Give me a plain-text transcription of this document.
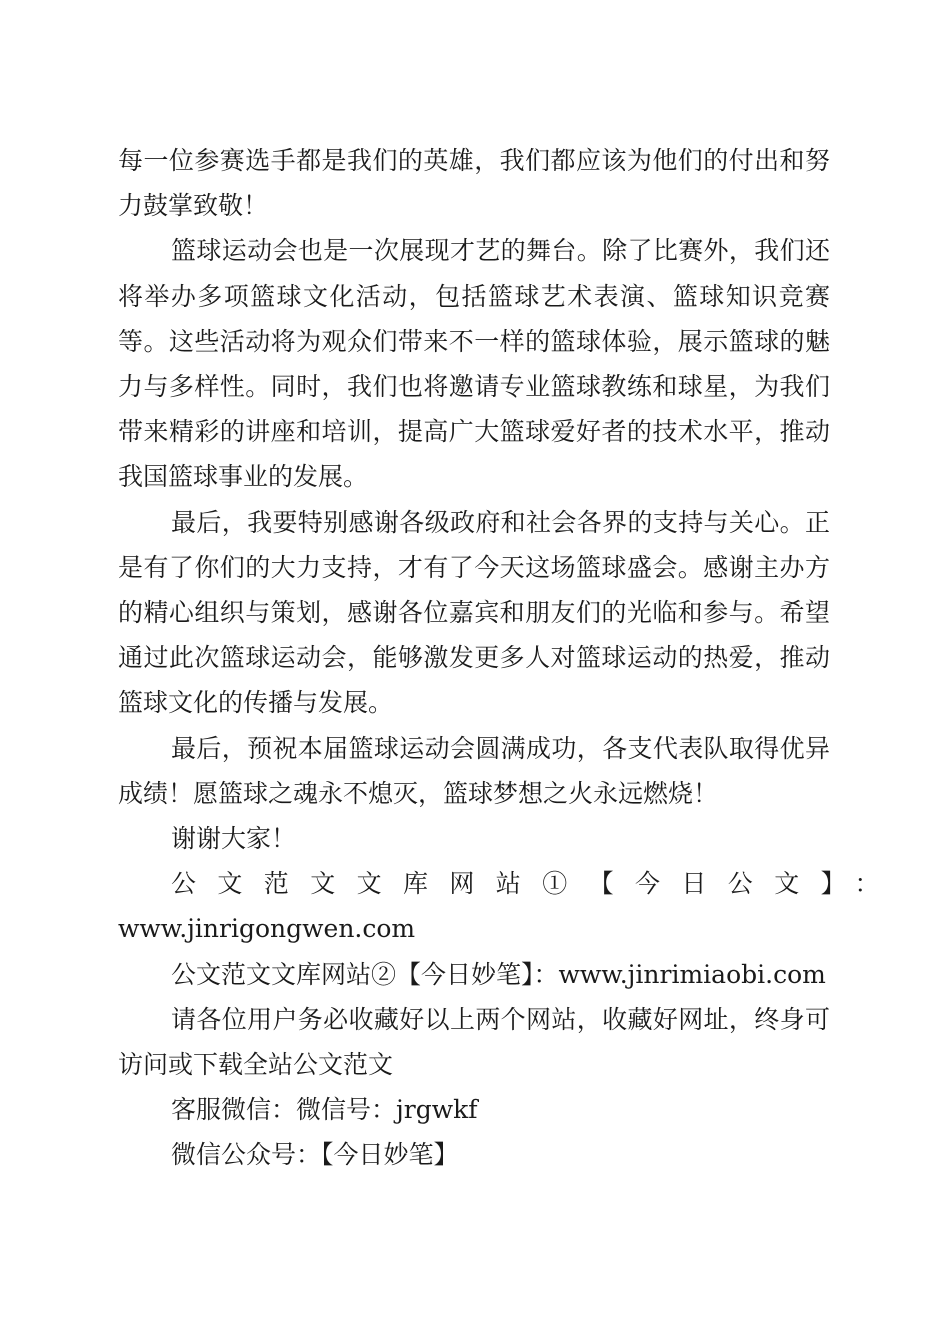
每一位参赛选手都是我们的英雄，我们都应该为他们的付出和努力鼓掌致敬！

篮球运动会也是一次展现才艺的舞台。除了比赛外，我们还将举办多项篮球文化活动，包括篮球艺术表演、篮球知识竞赛等。这些活动将为观众们带来不一样的篮球体验，展示篮球的魅力与多样性。同时，我们也将邀请专业篮球教练和球星，为我们带来精彩的讲座和培训，提高广大篮球爱好者的技术水平，推动我国篮球事业的发展。

最后，我要特别感谢各级政府和社会各界的支持与关心。正是有了你们的大力支持，才有了今天这场篮球盛会。感谢主办方的精心组织与策划，感谢各位嘉宾和朋友们的光临和参与。希望通过此次篮球运动会，能够激发更多人对篮球运动的热爱，推动篮球文化的传播与发展。

最后，预祝本届篮球运动会圆满成功，各支代表队取得优异成绩！愿篮球之魂永不熄灭，篮球梦想之火永远燃烧！

谢谢大家！

公文范文文库网站①【今日公文】：

www.jinrigongwen.com

公文范文文库网站②【今日妙笔】：www.jinrimiaobi.com

请各位用户务必收藏好以上两个网站，收藏好网址，终身可访问或下载全站公文范文

客服微信：微信号：jrgwkf

微信公众号：【今日妙笔】
